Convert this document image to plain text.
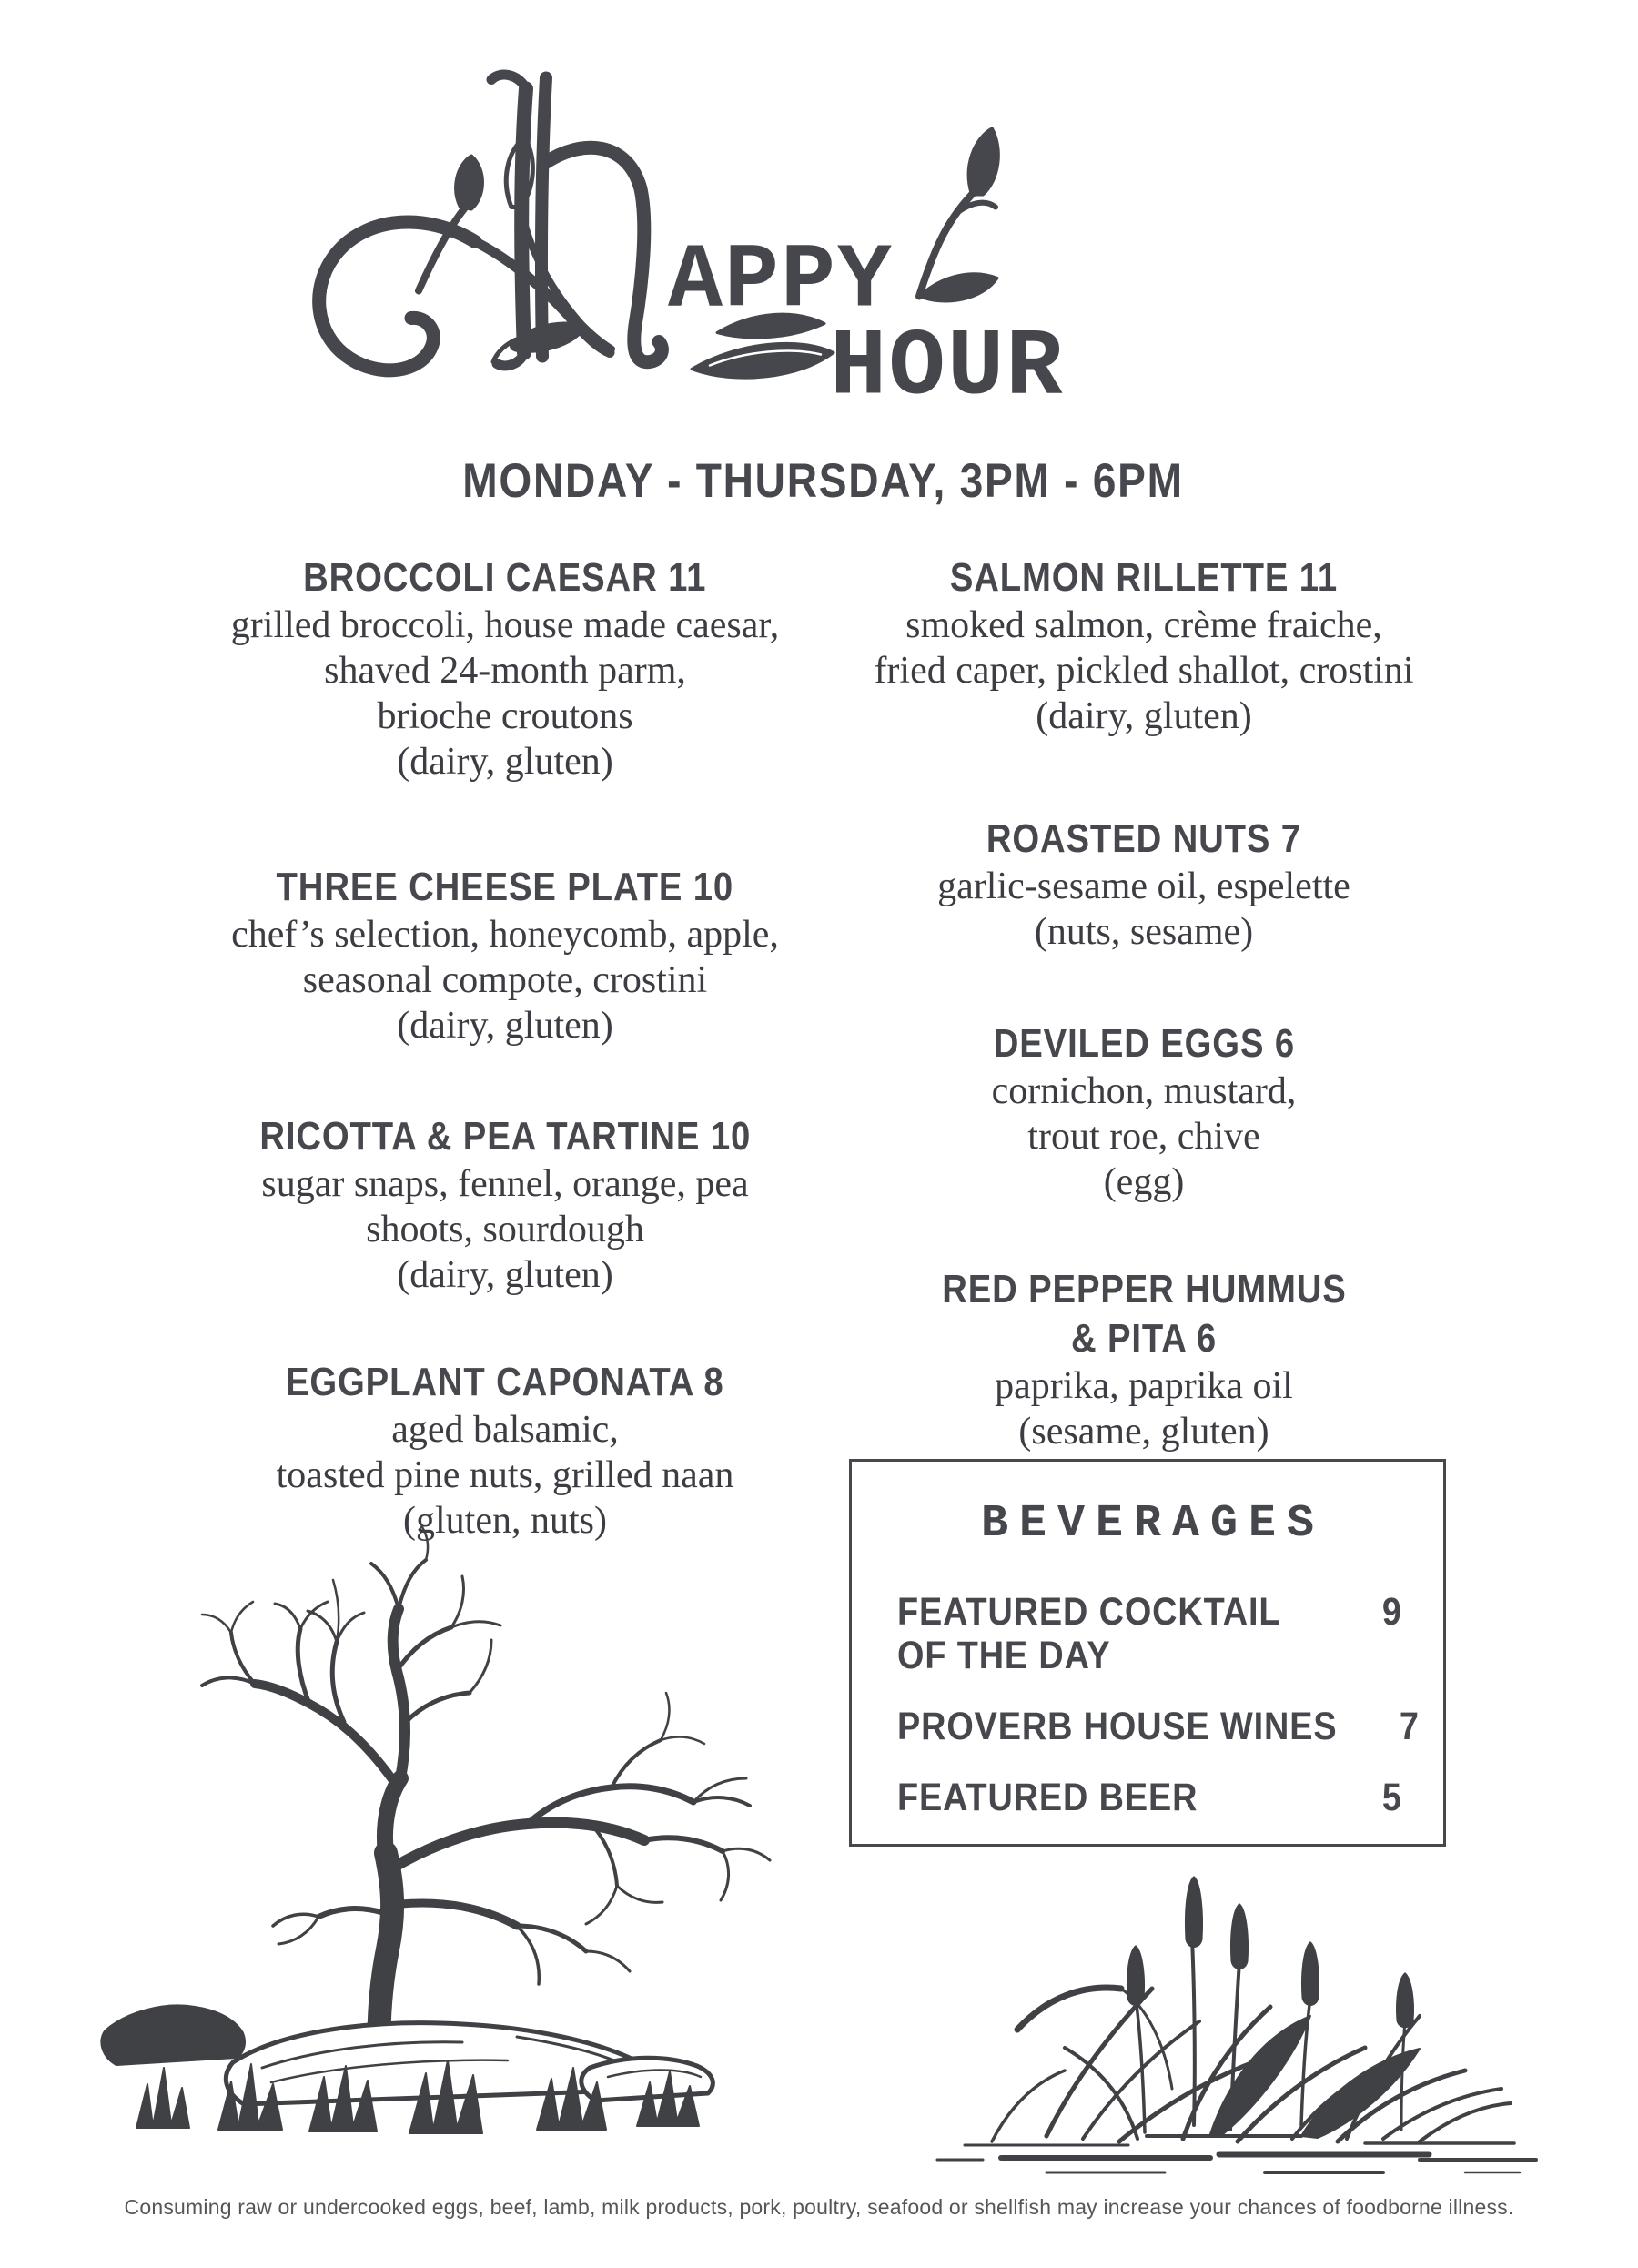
APPY
HOUR
MONDAY - THURSDAY, 3PM - 6PM
BROCCOLI CAESAR 11
grilled broccoli, house made caesar,
shaved 24-month parm,
brioche croutons
(dairy, gluten)
THREE CHEESE PLATE 10
chef’s selection, honeycomb, apple,
seasonal compote, crostini
(dairy, gluten)
RICOTTA & PEA TARTINE 10
sugar snaps, fennel, orange, pea
shoots, sourdough
(dairy, gluten)
EGGPLANT CAPONATA 8
aged balsamic,
toasted pine nuts, grilled naan
(gluten, nuts)
SALMON RILLETTE 11
smoked salmon, crème fraiche,
fried caper, pickled shallot, crostini
(dairy, gluten)
ROASTED NUTS 7
garlic-sesame oil, espelette
(nuts, sesame)
DEVILED EGGS 6
cornichon, mustard,
trout roe, chive
(egg)
RED PEPPER HUMMUS
& PITA 6
paprika, paprika oil
(sesame, gluten)
BEVERAGES
FEATURED COCKTAIL
OF THE DAY
9
PROVERB HOUSE WINES	7
FEATURED BEER	5
Consuming raw or undercooked eggs, beef, lamb, milk products, pork, poultry, seafood or shellfish may increase your chances of foodborne illness.
